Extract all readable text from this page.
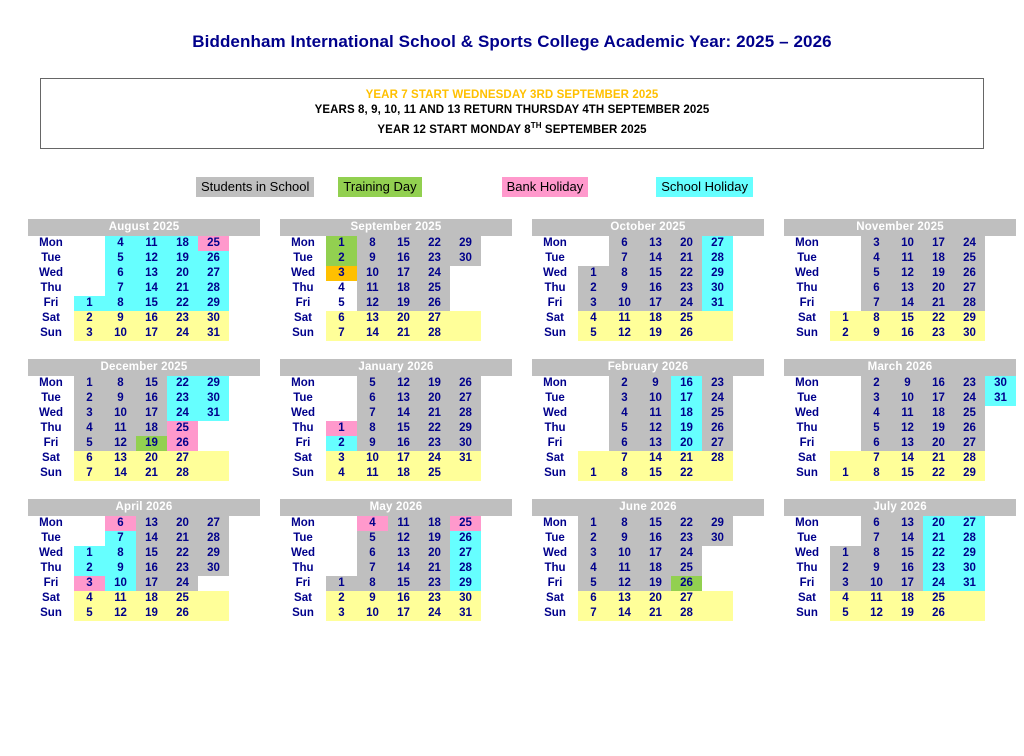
Biddenham International School & Sports College Academic Year: 2025 – 2026
YEAR 7 START WEDNESDAY 3RD SEPTEMBER 2025
YEARS 8, 9, 10, 11 AND 13 RETURN THURSDAY 4TH SEPTEMBER 2025
YEAR 12 START MONDAY 8TH SEPTEMBER 2025
Students in School	Training Day	Bank Holiday	School Holiday
August 2025
Mon		4	11	18	25	
Tue		5	12	19	26	
Wed		6	13	20	27	
Thu		7	14	21	28	
Fri	1	8	15	22	29	
Sat	2	9	16	23	30	
Sun	3	10	17	24	31	
September 2025
Mon	1	8	15	22	29	
Tue	2	9	16	23	30	
Wed	3	10	17	24		
Thu	4	11	18	25		
Fri	5	12	19	26		
Sat	6	13	20	27		
Sun	7	14	21	28		
October 2025
Mon		6	13	20	27	
Tue		7	14	21	28	
Wed	1	8	15	22	29	
Thu	2	9	16	23	30	
Fri	3	10	17	24	31	
Sat	4	11	18	25		
Sun	5	12	19	26		
November 2025
Mon		3	10	17	24	
Tue		4	11	18	25	
Wed		5	12	19	26	
Thu		6	13	20	27	
Fri		7	14	21	28	
Sat	1	8	15	22	29	
Sun	2	9	16	23	30	
December 2025
Mon	1	8	15	22	29	
Tue	2	9	16	23	30	
Wed	3	10	17	24	31	
Thu	4	11	18	25		
Fri	5	12	19	26		
Sat	6	13	20	27		
Sun	7	14	21	28		
January 2026
Mon		5	12	19	26	
Tue		6	13	20	27	
Wed		7	14	21	28	
Thu	1	8	15	22	29	
Fri	2	9	16	23	30	
Sat	3	10	17	24	31	
Sun	4	11	18	25		
February 2026
Mon		2	9	16	23	
Tue		3	10	17	24	
Wed		4	11	18	25	
Thu		5	12	19	26	
Fri		6	13	20	27	
Sat		7	14	21	28	
Sun	1	8	15	22		
March 2026
Mon		2	9	16	23	30
Tue		3	10	17	24	31
Wed		4	11	18	25	
Thu		5	12	19	26	
Fri		6	13	20	27	
Sat		7	14	21	28	
Sun	1	8	15	22	29	
April 2026
Mon		6	13	20	27	
Tue		7	14	21	28	
Wed	1	8	15	22	29	
Thu	2	9	16	23	30	
Fri	3	10	17	24		
Sat	4	11	18	25		
Sun	5	12	19	26		
May 2026
Mon		4	11	18	25	
Tue		5	12	19	26	
Wed		6	13	20	27	
Thu		7	14	21	28	
Fri	1	8	15	23	29	
Sat	2	9	16	23	30	
Sun	3	10	17	24	31	
June 2026
Mon	1	8	15	22	29	
Tue	2	9	16	23	30	
Wed	3	10	17	24		
Thu	4	11	18	25		
Fri	5	12	19	26		
Sat	6	13	20	27		
Sun	7	14	21	28		
July 2026
Mon		6	13	20	27	
Tue		7	14	21	28	
Wed	1	8	15	22	29	
Thu	2	9	16	23	30	
Fri	3	10	17	24	31	
Sat	4	11	18	25		
Sun	5	12	19	26		
